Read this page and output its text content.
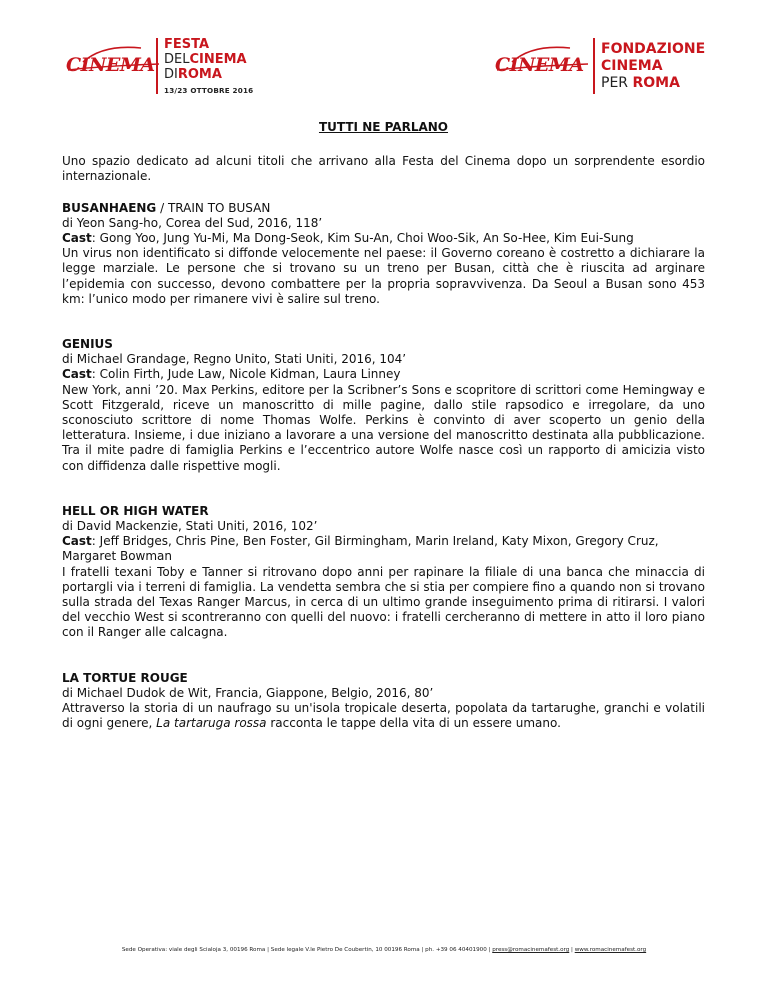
CINEMA
FESTA
DELCINEMA
DIROMA
13/23 OTTOBRE 2016
CINEMA
FONDAZIONE
CINEMA
PER ROMA

TUTTI NE PARLANO

Uno spazio dedicato ad alcuni titoli che arrivano alla Festa del Cinema dopo un sorprendente esordio internazionale.

BUSANHAENG / TRAIN TO BUSAN

di Yeon Sang-ho, Corea del Sud, 2016, 118’

Cast: Gong Yoo, Jung Yu-Mi, Ma Dong-Seok, Kim Su-An, Choi Woo-Sik, An So-Hee, Kim Eui-Sung

Un virus non identificato si diffonde velocemente nel paese: il Governo coreano è costretto a dichiarare la legge marziale. Le persone che si trovano su un treno per Busan, città che è riuscita ad arginare l’epidemia con successo, devono combattere per la propria sopravvivenza. Da Seoul a Busan sono 453 km: l’unico modo per rimanere vivi è salire sul treno.

GENIUS

di Michael Grandage, Regno Unito, Stati Uniti, 2016, 104’

Cast: Colin Firth, Jude Law, Nicole Kidman, Laura Linney

New York, anni ’20. Max Perkins, editore per la Scribner’s Sons e scopritore di scrittori come Hemingway e Scott Fitzgerald, riceve un manoscritto di mille pagine, dallo stile rapsodico e irregolare, da uno sconosciuto scrittore di nome Thomas Wolfe. Perkins è convinto di aver scoperto un genio della letteratura. Insieme, i due iniziano a lavorare a una versione del manoscritto destinata alla pubblicazione. Tra il mite padre di famiglia Perkins e l’eccentrico autore Wolfe nasce così un rapporto di amicizia visto con diffidenza dalle rispettive mogli.

HELL OR HIGH WATER

di David Mackenzie, Stati Uniti, 2016, 102’

Cast: Jeff Bridges, Chris Pine, Ben Foster, Gil Birmingham, Marin Ireland, Katy Mixon, Gregory Cruz, Margaret Bowman

I fratelli texani Toby e Tanner si ritrovano dopo anni per rapinare la filiale di una banca che minaccia di portargli via i terreni di famiglia. La vendetta sembra che si stia per compiere fino a quando non si trovano sulla strada del Texas Ranger Marcus, in cerca di un ultimo grande inseguimento prima di ritirarsi. I valori del vecchio West si scontreranno con quelli del nuovo: i fratelli cercheranno di mettere in atto il loro piano con il Ranger alle calcagna.

LA TORTUE ROUGE

di Michael Dudok de Wit, Francia, Giappone, Belgio, 2016, 80’

Attraverso la storia di un naufrago su un'isola tropicale deserta, popolata da tartarughe, granchi e volatili di ogni genere, La tartaruga rossa racconta le tappe della vita di un essere umano.

Sede Operativa: viale degli Scialoja 3, 00196 Roma | Sede legale V.le Pietro De Coubertin, 10 00196 Roma | ph. +39 06 40401900 | press@romacinemafest.org | www.romacinemafest.org
